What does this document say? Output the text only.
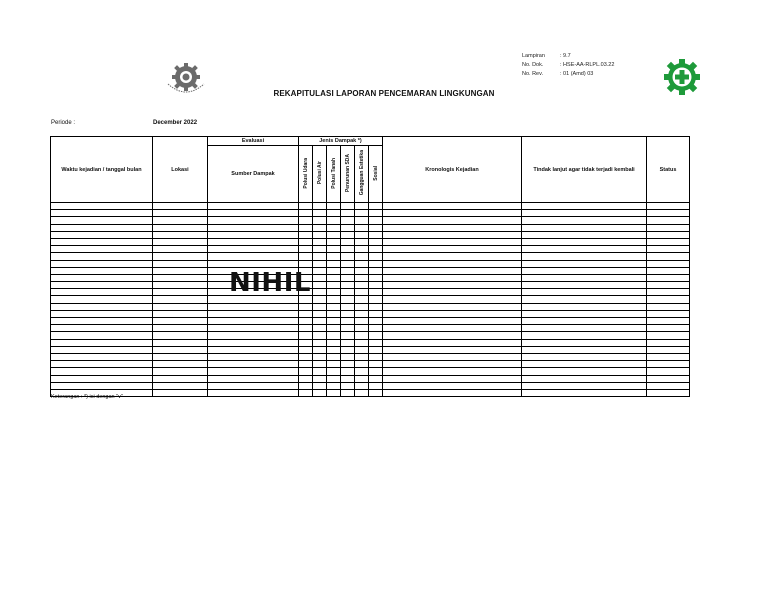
Lampiran	: 9.7
No. Dok.	: HSE-AA-RLPL.03.22
No. Rev.	: 01 (Amd) 03
REKAPITULASI LAPORAN PENCEMARAN LINGKUNGAN
Periode :	December 2022
Waktu kejadian / tanggal bulan	Lokasi	Evaluasi	Jenis Dampak *)						Kronologis Kejadian	Tindak lanjut agar tidak terjadi kembali	Status
		Sumber Dampak	Polusi Udara	Polusi Air	Polusi Tanah	Penurunan SDA	Gangguan Estetika	Sosial			

NIHIL
Keterangan : *) isi dengan "v"
